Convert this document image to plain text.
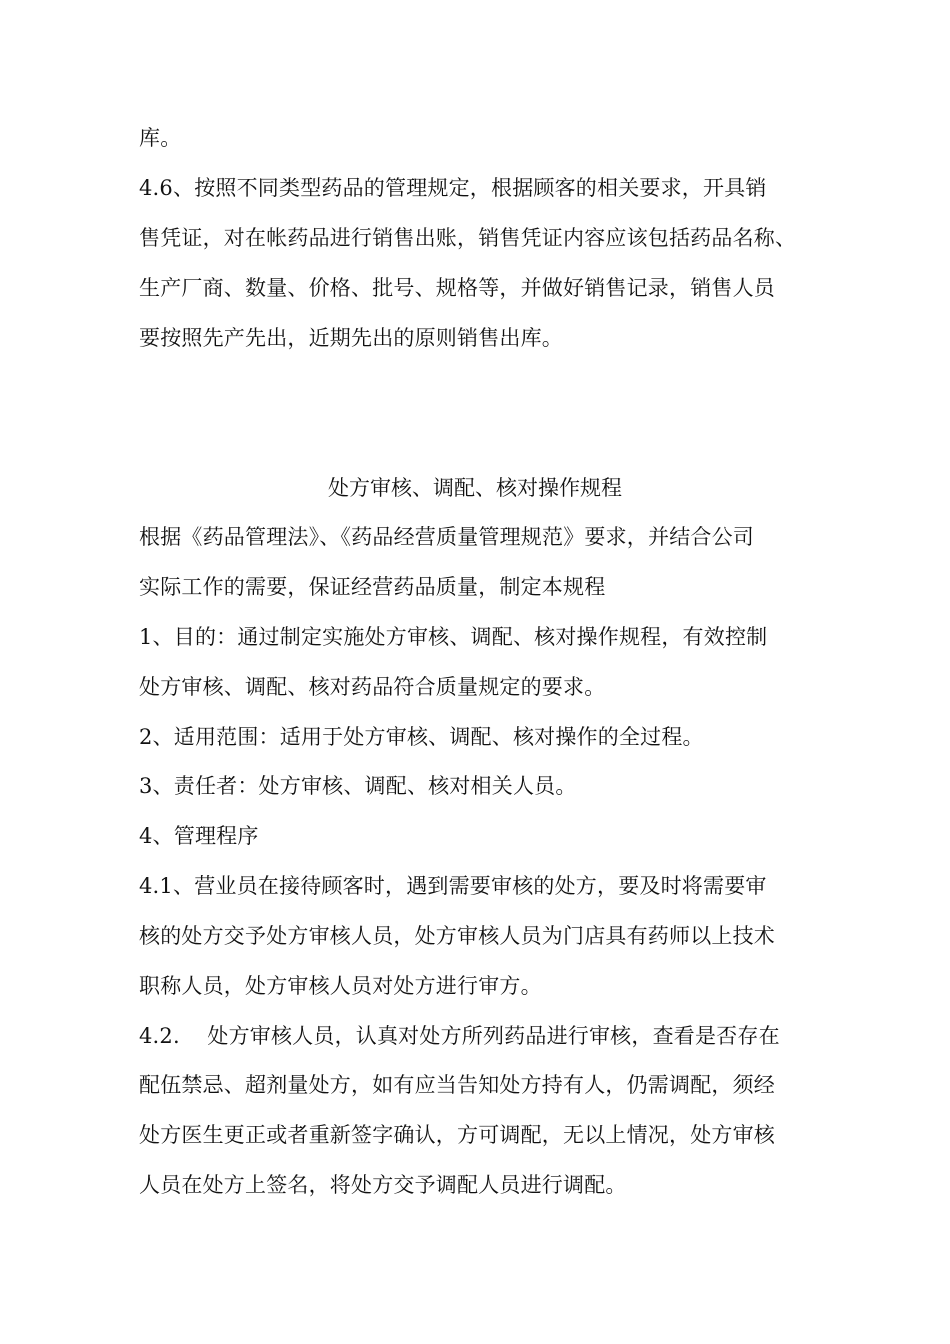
库。
4.6、按照不同类型药品的管理规定，根据顾客的相关要求，开具销
售凭证，对在帐药品进行销售出账，销售凭证内容应该包括药品名称、
生产厂商、数量、价格、批号、规格等，并做好销售记录，销售人员
要按照先产先出，近期先出的原则销售出库。
处方审核、调配、核对操作规程
根据《药品管理法》、《药品经营质量管理规范》要求，并结合公司
实际工作的需要，保证经营药品质量，制定本规程
1、目的：通过制定实施处方审核、调配、核对操作规程，有效控制
处方审核、调配、核对药品符合质量规定的要求。
2、适用范围：适用于处方审核、调配、核对操作的全过程。
3、责任者：处方审核、调配、核对相关人员。
4、管理程序
4.1、营业员在接待顾客时，遇到需要审核的处方，要及时将需要审
核的处方交予处方审核人员，处方审核人员为门店具有药师以上技术
职称人员，处方审核人员对处方进行审方。
4.2.    处方审核人员，认真对处方所列药品进行审核，查看是否存在
配伍禁忌、超剂量处方，如有应当告知处方持有人，仍需调配，须经
处方医生更正或者重新签字确认，方可调配，无以上情况，处方审核
人员在处方上签名，将处方交予调配人员进行调配。
